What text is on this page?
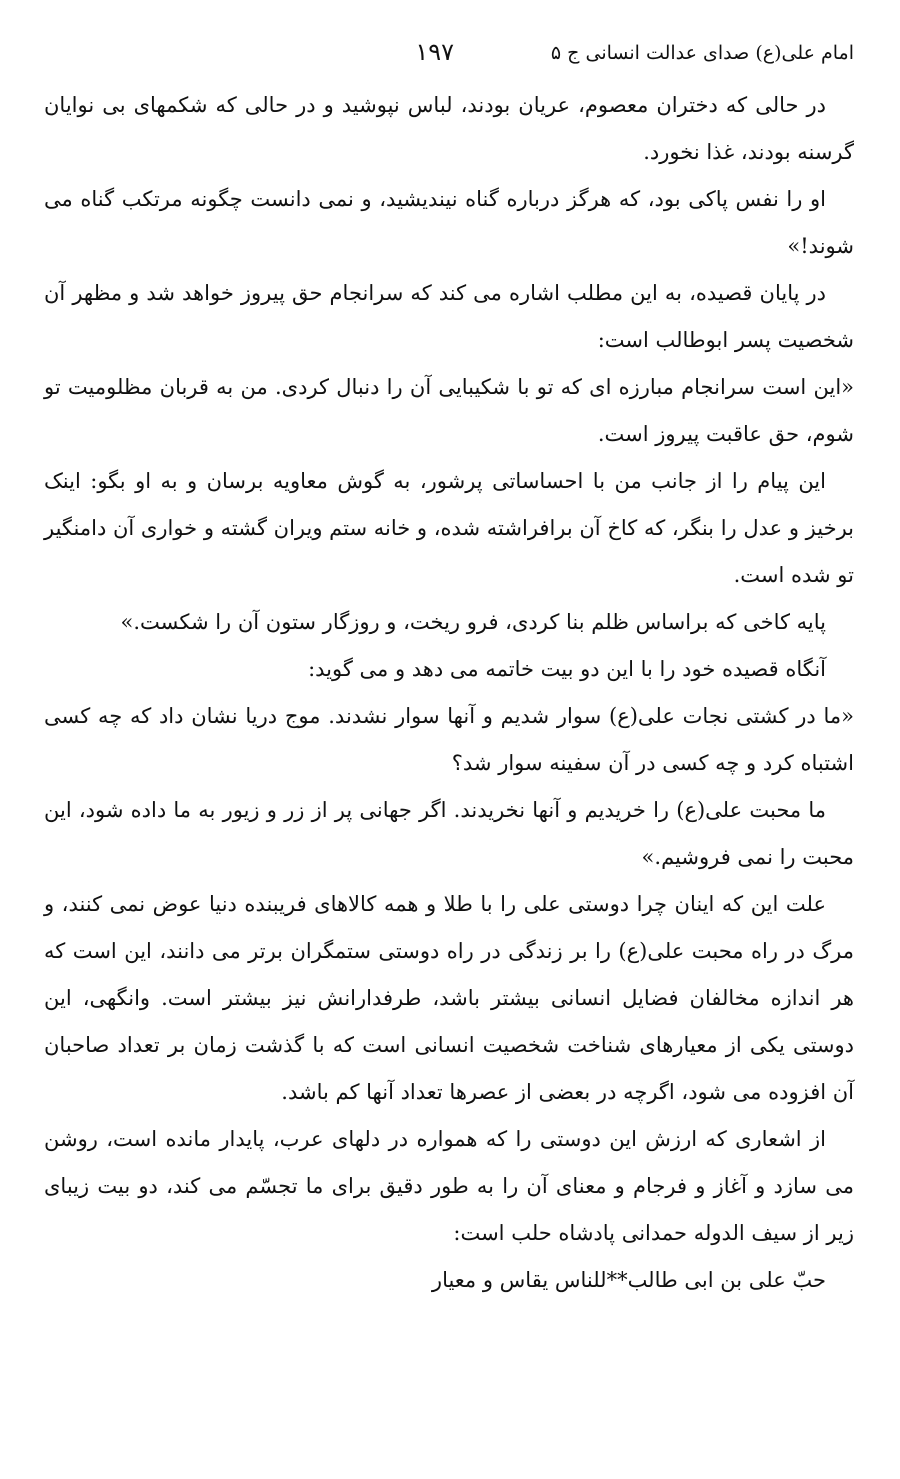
امام علی(ع) صدای عدالت انسانی ج ۵
۱۹۷

در حالی که دختران معصوم، عریان بودند، لباس نپوشید و در حالی که شکمهای بی نوایان گرسنه بودند، غذا نخورد.

او را نفس پاکی بود، که هرگز درباره گناه نیندیشید، و نمی دانست چگونه مرتکب گناه می شوند!»

در پایان قصیده، به این مطلب اشاره می کند که سرانجام حق پیروز خواهد شد و مظهر آن شخصیت پسر ابوطالب است:

«این است سرانجام مبارزه ای که تو با شکیبایی آن را دنبال کردی. من به قربان مظلومیت تو شوم، حق عاقبت پیروز است.

این پیام را از جانب من با احساساتی پرشور، به گوش معاویه برسان و به او بگو: اینک برخیز و عدل را بنگر، که کاخ آن برافراشته شده، و خانه ستم ویران گشته و خواری آن دامنگیر تو شده است.

پایه کاخی که براساس ظلم بنا کردی، فرو ریخت، و روزگار ستون آن را شکست.»

آنگاه قصیده خود را با این دو بیت خاتمه می دهد و می گوید:

«ما در کشتی نجات علی(ع) سوار شدیم و آنها سوار نشدند. موج دریا نشان داد که چه کسی اشتباه کرد و چه کسی در آن سفینه سوار شد؟

ما محبت علی(ع) را خریدیم و آنها نخریدند. اگر جهانی پر از زر و زیور به ما داده شود، این محبت را نمی فروشیم.»

علت این که اینان چرا دوستی علی را با طلا و همه کالاهای فریبنده دنیا عوض نمی کنند، و مرگ در راه محبت علی(ع) را بر زندگی در راه دوستی ستمگران برتر می دانند، این است که هر اندازه مخالفان فضایل انسانی بیشتر باشد، طرفدارانش نیز بیشتر است. وانگهی، این دوستی یکی از معیارهای شناخت شخصیت انسانی است که با گذشت زمان بر تعداد صاحبان آن افزوده می شود، اگرچه در بعضی از عصرها تعداد آنها کم باشد.

از اشعاری که ارزش این دوستی را که همواره در دلهای عرب، پایدار مانده است، روشن می سازد و آغاز و فرجام و معنای آن را به طور دقیق برای ما تجسّم می کند، دو بیت زیبای زیر از سیف الدوله حمدانی پادشاه حلب است:

حبّ علی بن ابی طالب**للناس یقاس و معیار
